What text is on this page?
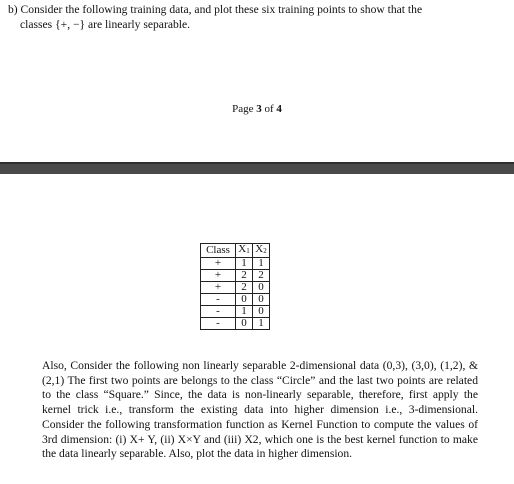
b) Consider the following training data, and plot these six training points to show that the
classes {+, −} are linearly separable.
Page 3 of 4
Class	$X_1$	$X_2$
+	1	1
+	2	2
+	2	0
-	0	0
-	1	0
-	0	1
Also, Consider the following non linearly separable 2-dimensional data (0,3), (3,0), (1,2), & (2,1) The first two points are belongs to the class “Circle” and the last two points are related to the class “Square.” Since, the data is non-linearly separable, therefore, first apply the kernel trick i.e., transform the existing data into higher dimension i.e., 3-dimensional. Consider the following transformation function as Kernel Function to compute the values of 3rd dimension: (i) X+ Y, (ii) X×Y and (iii) X2, which one is the best kernel function to make the data linearly separable. Also, plot the data in higher dimension.
